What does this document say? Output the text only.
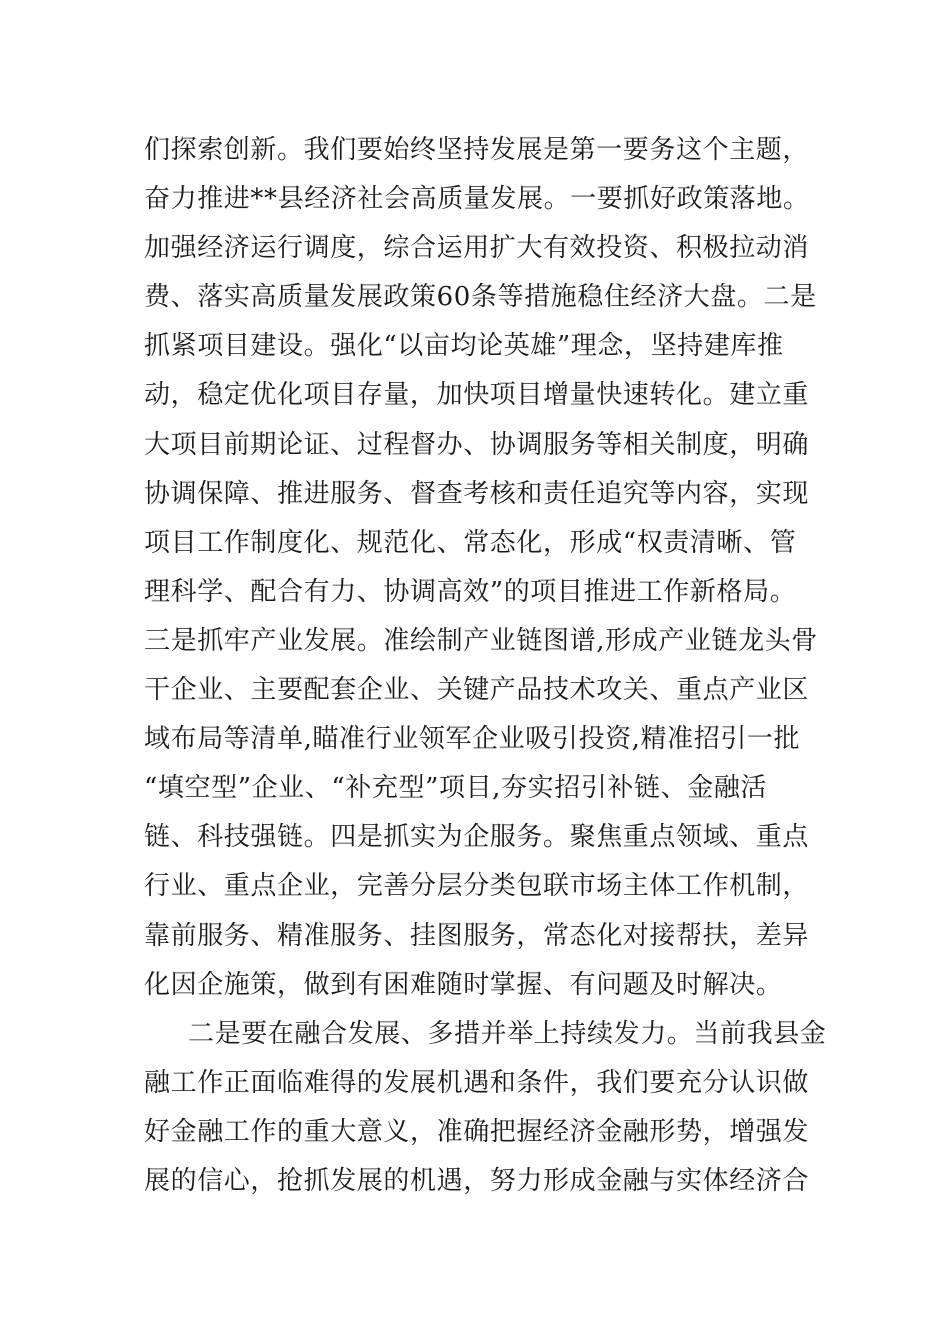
们探索创新。我们要始终坚持发展是第一要务这个主题，
奋力推进**县经济社会高质量发展。一要抓好政策落地。
加强经济运行调度，综合运用扩大有效投资、积极拉动消
费、落实高质量发展政策60条等措施稳住经济大盘。二是
抓紧项目建设。强化“以亩均论英雄”理念，坚持建库推
动，稳定优化项目存量，加快项目增量快速转化。建立重
大项目前期论证、过程督办、协调服务等相关制度，明确
协调保障、推进服务、督查考核和责任追究等内容，实现
项目工作制度化、规范化、常态化，形成“权责清晰、管
理科学、配合有力、协调高效”的项目推进工作新格局。
三是抓牢产业发展。准绘制产业链图谱,形成产业链龙头骨
干企业、主要配套企业、关键产品技术攻关、重点产业区
域布局等清单,瞄准行业领军企业吸引投资,精准招引一批
“填空型”企业、“补充型”项目,夯实招引补链、金融活
链、科技强链。四是抓实为企服务。聚焦重点领域、重点
行业、重点企业，完善分层分类包联市场主体工作机制，
靠前服务、精准服务、挂图服务，常态化对接帮扶，差异
化因企施策，做到有困难随时掌握、有问题及时解决。
二是要在融合发展、多措并举上持续发力。当前我县金
融工作正面临难得的发展机遇和条件，我们要充分认识做
好金融工作的重大意义，准确把握经济金融形势，增强发
展的信心，抢抓发展的机遇，努力形成金融与实体经济合
